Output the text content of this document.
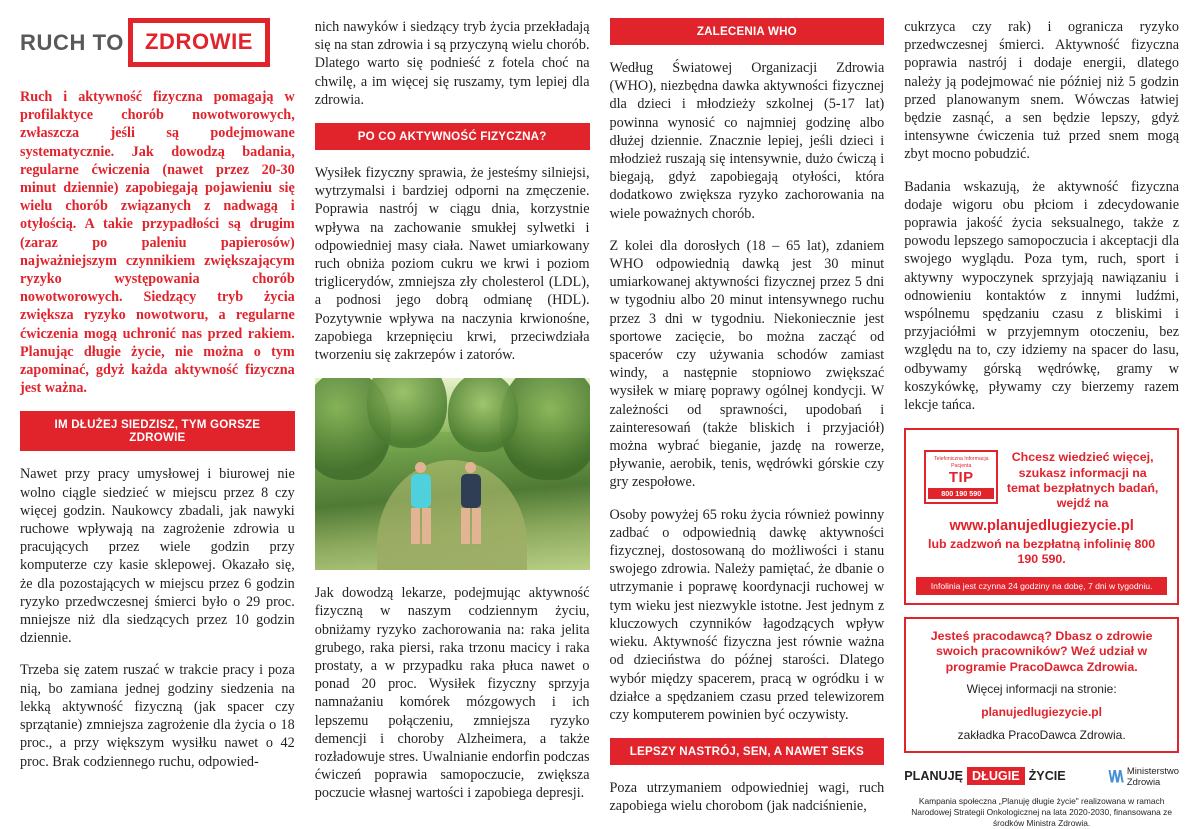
RUCH TO ZDROWIE

Ruch i aktywność fizyczna pomagają w profilaktyce chorób nowotworowych, zwłaszcza jeśli są podejmowane systematycznie. Jak dowodzą badania, regularne ćwiczenia (nawet przez 20-30 minut dziennie) zapobiegają pojawieniu się wielu chorób związanych z nadwagą i otyłością. A takie przypadłości są drugim (zaraz po paleniu papierosów) najważniejszym czynnikiem zwiększającym ryzyko występowania chorób nowotworowych. Siedzący tryb życia zwiększa ryzyko nowotworu, a regularne ćwiczenia mogą uchronić nas przed rakiem. Planując długie życie, nie można o tym zapominać, gdyż każda aktywność fizyczna jest ważna.

IM DŁUŻEJ SIEDZISZ, TYM GORSZE ZDROWIE

Nawet przy pracy umysłowej i biurowej nie wolno ciągle siedzieć w miejscu przez 8 czy więcej godzin. Naukowcy zbadali, jak nawyki ruchowe wpływają na zagrożenie zdrowia u pracujących przez wiele godzin przy komputerze czy kasie sklepowej. Okazało się, że dla pozostających w miejscu przez 6 godzin ryzyko przedwczesnej śmierci było o 29 proc. mniejsze niż dla siedzących przez 10 godzin dziennie.

Trzeba się zatem ruszać w trakcie pracy i poza nią, bo zamiana jednej godziny siedzenia na lekką aktywność fizyczną (jak spacer czy sprzątanie) zmniejsza zagrożenie dla życia o 18 proc., a przy większym wysiłku nawet o 42 proc. Brak codziennego ruchu, odpowied-

nich nawyków i siedzący tryb życia przekładają się na stan zdrowia i są przyczyną wielu chorób. Dlatego warto się podnieść z fotela choć na chwilę, a im więcej się ruszamy, tym lepiej dla zdrowia.

PO CO AKTYWNOŚĆ FIZYCZNA?

Wysiłek fizyczny sprawia, że jesteśmy silniejsi, wytrzymalsi i bardziej odporni na zmęczenie. Poprawia nastrój w ciągu dnia, korzystnie wpływa na zachowanie smukłej sylwetki i odpowiedniej masy ciała. Nawet umiarkowany ruch obniża poziom cukru we krwi i poziom triglicerydów, zmniejsza zły cholesterol (LDL), a podnosi jego dobrą odmianę (HDL). Pozytywnie wpływa na naczynia krwionośne, zapobiega krzepnięciu krwi, przeciwdziała tworzeniu się zakrzepów i zatorów.

Jak dowodzą lekarze, podejmując aktywność fizyczną w naszym codziennym życiu, obniżamy ryzyko zachorowania na: raka jelita grubego, raka piersi, raka trzonu macicy i raka prostaty, a w przypadku raka płuca nawet o ponad 20 proc. Wysiłek fizyczny sprzyja namnażaniu komórek mózgowych i ich lepszemu połączeniu, zmniejsza ryzyko demencji i choroby Alzheimera, a także rozładowuje stres. Uwalnianie endorfin podczas ćwiczeń poprawia samopoczucie, zwiększa poczucie własnej wartości i zapobiega depresji.

ZALECENIA WHO

Według Światowej Organizacji Zdrowia (WHO), niezbędna dawka aktywności fizycznej dla dzieci i młodzieży szkolnej (5-17 lat) powinna wynosić co najmniej godzinę albo dłużej dziennie. Znacznie lepiej, jeśli dzieci i młodzież ruszają się intensywnie, dużo ćwiczą i biegają, gdyż zapobiegają otyłości, która dodatkowo zwiększa ryzyko zachorowania na wiele poważnych chorób.

Z kolei dla dorosłych (18 – 65 lat), zdaniem WHO odpowiednią dawką jest 30 minut umiarkowanej aktywności fizycznej przez 5 dni w tygodniu albo 20 minut intensywnego ruchu przez 3 dni w tygodniu. Niekoniecznie jest sportowe zacięcie, bo można zacząć od spacerów czy używania schodów zamiast windy, a następnie stopniowo zwiększać wysiłek w miarę poprawy ogólnej kondycji. W zależności od sprawności, upodobań i zainteresowań (także bliskich i przyjaciół) można wybrać bieganie, jazdę na rowerze, pływanie, aerobik, tenis, wędrówki górskie czy gry zespołowe.

Osoby powyżej 65 roku życia również powinny zadbać o odpowiednią dawkę aktywności fizycznej, dostosowaną do możliwości i stanu swojego zdrowia. Należy pamiętać, że dbanie o utrzymanie i poprawę koordynacji ruchowej w tym wieku jest niezwykle istotne. Jest jednym z kluczowych czynników łagodzących wpływ wieku. Aktywność fizyczna jest równie ważna od dzieciństwa do późnej starości. Dlatego wybór między spacerem, pracą w ogródku i w działce a spędzaniem czasu przed telewizorem czy komputerem powinien być oczywisty.

LEPSZY NASTRÓJ, SEN, A NAWET SEKS

Poza utrzymaniem odpowiedniej wagi, ruch zapobiega wielu chorobom (jak nadciśnienie,

cukrzyca czy rak) i ogranicza ryzyko przedwczesnej śmierci. Aktywność fizyczna poprawia nastrój i dodaje energii, dlatego należy ją podejmować nie później niż 5 godzin przed planowanym snem. Wówczas łatwiej będzie zasnąć, a sen będzie lepszy, gdyż intensywne ćwiczenia tuż przed snem mogą zbyt mocno pobudzić.

Badania wskazują, że aktywność fizyczna dodaje wigoru obu płciom i zdecydowanie poprawia jakość życia seksualnego, także z powodu lepszego samopoczucia i akceptacji dla swojego wyglądu. Poza tym, ruch, sport i aktywny wypoczynek sprzyjają nawiązaniu i odnowieniu kontaktów z innymi ludźmi, wspólnemu spędzaniu czasu z bliskimi i przyjaciółmi w przyjemnym otoczeniu, bez względu na to, czy idziemy na spacer do lasu, odbywamy górską wędrówkę, gramy w koszykówkę, pływamy czy bierzemy razem lekcje tańca.

Telefoniczna Informacja Pacjenta
TIP
800 190 590
Chcesz wiedzieć więcej, szukasz informacji na temat bezpłatnych badań, wejdź na
www.planujedlugiezycie.pl
lub zadzwoń na bezpłatną infolinię 800 190 590.
Infolinia jest czynna 24 godziny na dobę, 7 dni w tygodniu.
Jesteś pracodawcą? Dbasz o zdrowie swoich pracowników? Weź udział w programie PracoDawca Zdrowia.
Więcej informacji na stronie:
planujedlugiezycie.pl
zakładka PracoDawca Zdrowia.
PLANUJĘ DŁUGIE ŻYCIE	\/\/\ Ministerstwo
Zdrowia
Kampania społeczna „Planuję długie życie" realizowana w ramach Narodowej Strategii Onkologicznej na lata 2020-2030, finansowana ze środków Ministra Zdrowia.
